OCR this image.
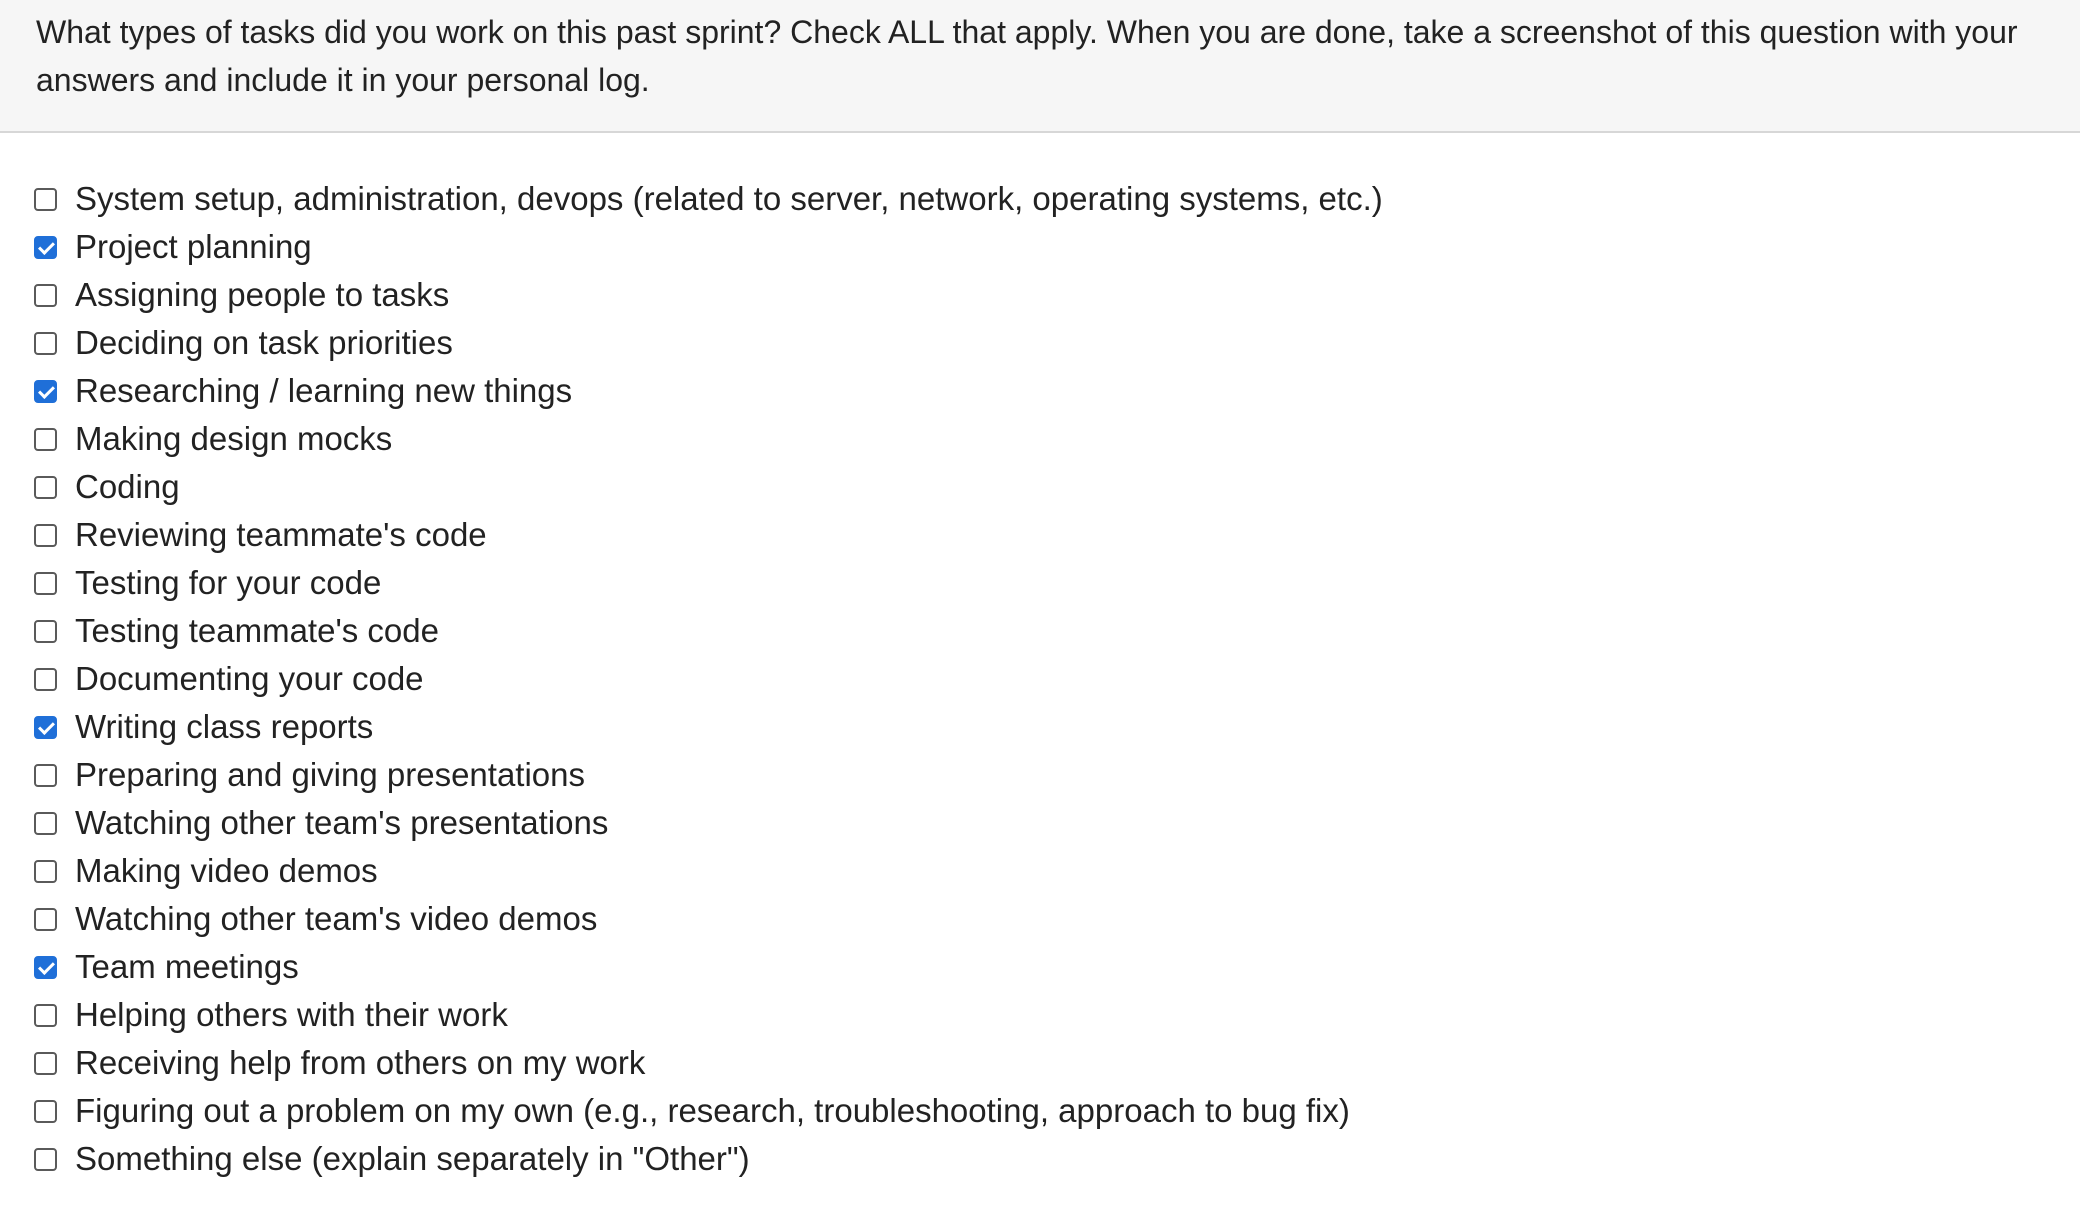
What types of tasks did you work on this past sprint? Check ALL that apply. When you are done, take a screenshot of this question with your answers and include it in your personal log.
System setup, administration, devops (related to server, network, operating systems, etc.)
Project planning
Assigning people to tasks
Deciding on task priorities
Researching / learning new things
Making design mocks
Coding
Reviewing teammate's code
Testing for your code
Testing teammate's code
Documenting your code
Writing class reports
Preparing and giving presentations
Watching other team's presentations
Making video demos
Watching other team's video demos
Team meetings
Helping others with their work
Receiving help from others on my work
Figuring out a problem on my own (e.g., research, troubleshooting, approach to bug fix)
Something else (explain separately in "Other")
